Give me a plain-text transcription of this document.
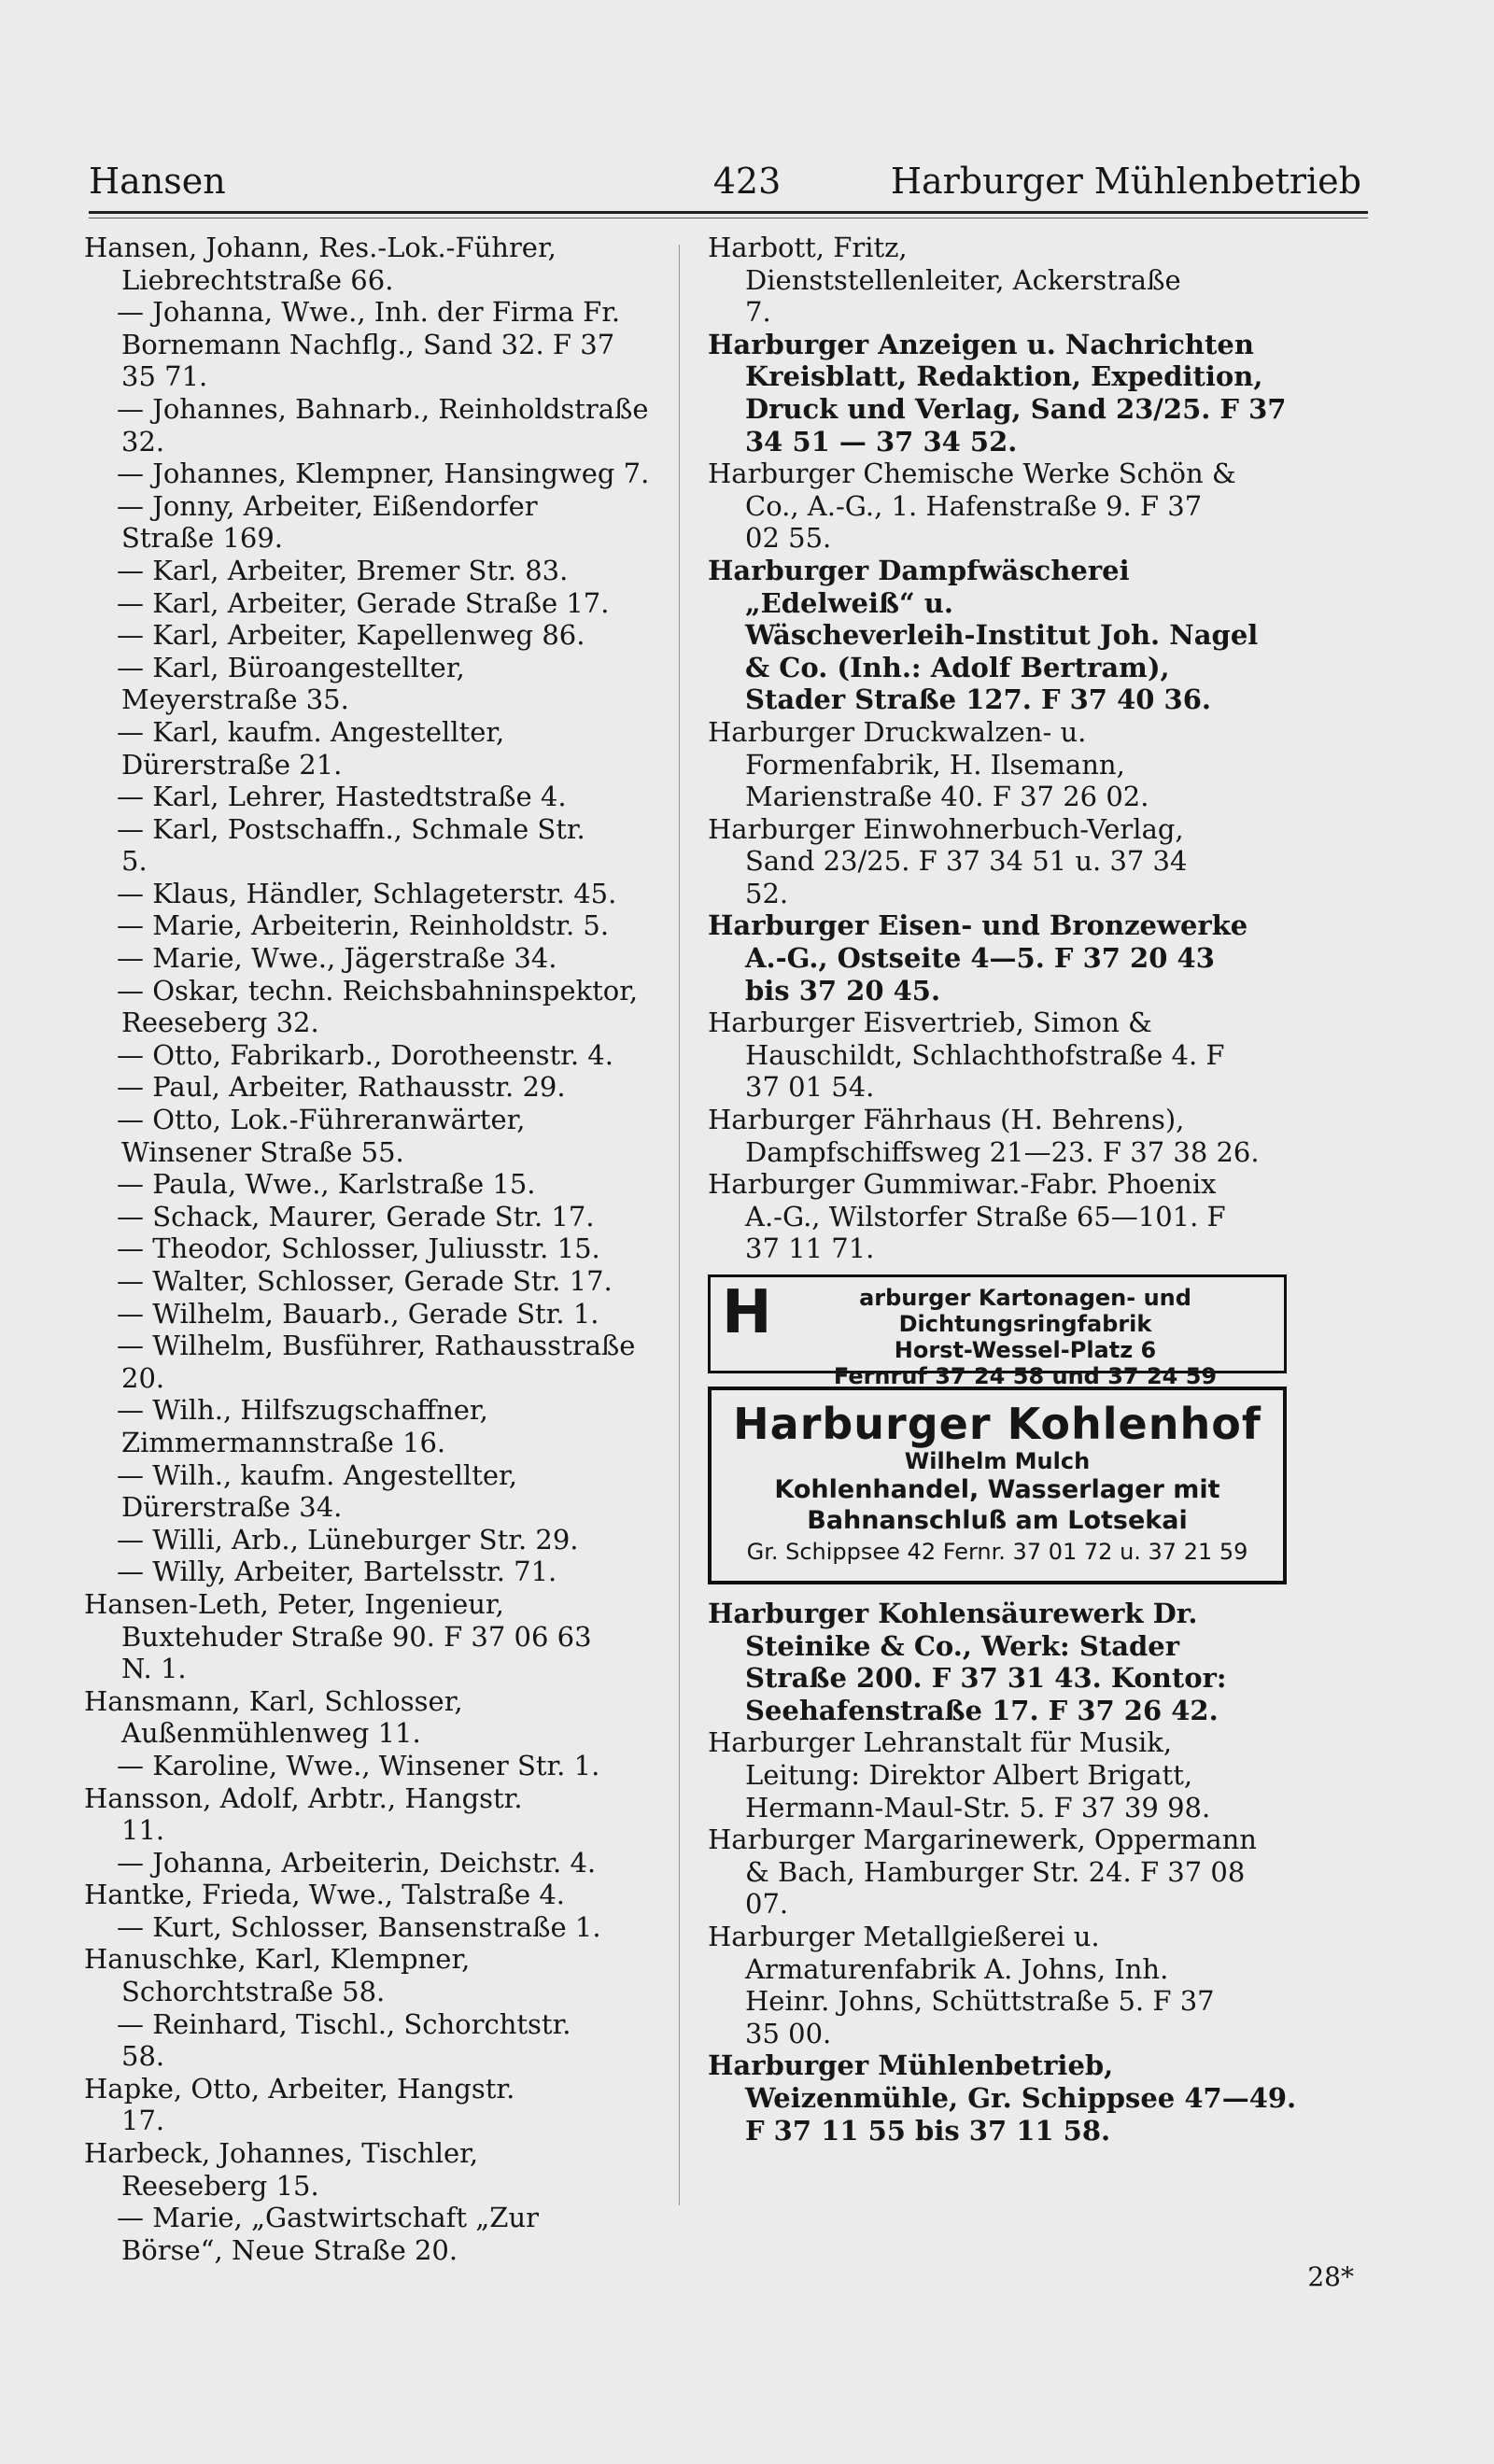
Hansen	423	Harburger Mühlenbetrieb
Hansen, Johann, Res.-Lok.-Führer,
Liebrechtstraße 66.
— Johanna, Wwe., Inh. der Firma Fr.
Bornemann Nachflg., Sand 32. F 37
35 71.
— Johannes, Bahnarb., Reinholdstraße
32.
— Johannes, Klempner, Hansingweg 7.
— Jonny, Arbeiter, Eißendorfer
Straße 169.
— Karl, Arbeiter, Bremer Str. 83.
— Karl, Arbeiter, Gerade Straße 17.
— Karl, Arbeiter, Kapellenweg 86.
— Karl, Büroangestellter,
Meyerstraße 35.
— Karl, kaufm. Angestellter,
Dürerstraße 21.
— Karl, Lehrer, Hastedtstraße 4.
— Karl, Postschaffn., Schmale Str.
5.
— Klaus, Händler, Schlageterstr. 45.
— Marie, Arbeiterin, Reinholdstr. 5.
— Marie, Wwe., Jägerstraße 34.
— Oskar, techn. Reichsbahninspektor,
Reeseberg 32.
— Otto, Fabrikarb., Dorotheenstr. 4.
— Paul, Arbeiter, Rathausstr. 29.
— Otto, Lok.-Führeranwärter,
Winsener Straße 55.
— Paula, Wwe., Karlstraße 15.
— Schack, Maurer, Gerade Str. 17.
— Theodor, Schlosser, Juliusstr. 15.
— Walter, Schlosser, Gerade Str. 17.
— Wilhelm, Bauarb., Gerade Str. 1.
— Wilhelm, Busführer, Rathausstraße
20.
— Wilh., Hilfszugschaffner,
Zimmermannstraße 16.
— Wilh., kaufm. Angestellter,
Dürerstraße 34.
— Willi, Arb., Lüneburger Str. 29.
— Willy, Arbeiter, Bartelsstr. 71.
Hansen-Leth, Peter, Ingenieur,
Buxtehuder Straße 90. F 37 06 63
N. 1.
Hansmann, Karl, Schlosser,
Außenmühlenweg 11.
— Karoline, Wwe., Winsener Str. 1.
Hansson, Adolf, Arbtr., Hangstr.
11.
— Johanna, Arbeiterin, Deichstr. 4.
Hantke, Frieda, Wwe., Talstraße 4.
— Kurt, Schlosser, Bansenstraße 1.
Hanuschke, Karl, Klempner,
Schorchtstraße 58.
— Reinhard, Tischl., Schorchtstr.
58.
Hapke, Otto, Arbeiter, Hangstr.
17.
Harbeck, Johannes, Tischler,
Reeseberg 15.
— Marie, „Gastwirtschaft „Zur
Börse“, Neue Straße 20.
Harbott, Fritz,
Dienststellenleiter, Ackerstraße
7.
Harburger Anzeigen u. Nachrichten
Kreisblatt, Redaktion, Expedition,
Druck und Verlag, Sand 23/25. F 37
34 51 — 37 34 52.
Harburger Chemische Werke Schön &
Co., A.-G., 1. Hafenstraße 9. F 37
02 55.
Harburger Dampfwäscherei
„Edelweiß“ u.
Wäscheverleih-Institut Joh. Nagel
& Co. (Inh.: Adolf Bertram),
Stader Straße 127. F 37 40 36.
Harburger Druckwalzen- u.
Formenfabrik, H. Ilsemann,
Marienstraße 40. F 37 26 02.
Harburger Einwohnerbuch-Verlag,
Sand 23/25. F 37 34 51 u. 37 34
52.
Harburger Eisen- und Bronzewerke
A.-G., Ostseite 4—5. F 37 20 43
bis 37 20 45.
Harburger Eisvertrieb, Simon &
Hauschildt, Schlachthofstraße 4. F
37 01 54.
Harburger Fährhaus (H. Behrens),
Dampfschiffsweg 21—23. F 37 38 26.
Harburger Gummiwar.-Fabr. Phoenix
A.-G., Wilstorfer Straße 65—101. F
37 11 71.
H	arburger Kartonagen- und
Dichtungsringfabrik
Horst-Wessel-Platz 6
Fernruf 37 24 58 und 37 24 59
Harburger Kohlenhof
Wilhelm Mulch
Kohlenhandel, Wasserlager mit
Bahnanschluß am Lotsekai
Gr. Schippsee 42 Fernr. 37 01 72 u. 37 21 59
Harburger Kohlensäurewerk Dr.
Steinike & Co., Werk: Stader
Straße 200. F 37 31 43. Kontor:
Seehafenstraße 17. F 37 26 42.
Harburger Lehranstalt für Musik,
Leitung: Direktor Albert Brigatt,
Hermann-Maul-Str. 5. F 37 39 98.
Harburger Margarinewerk, Oppermann
& Bach, Hamburger Str. 24. F 37 08
07.
Harburger Metallgießerei u.
Armaturenfabrik A. Johns, Inh.
Heinr. Johns, Schüttstraße 5. F 37
35 00.
Harburger Mühlenbetrieb,
Weizenmühle, Gr. Schippsee 47—49.
F 37 11 55 bis 37 11 58.
28*
